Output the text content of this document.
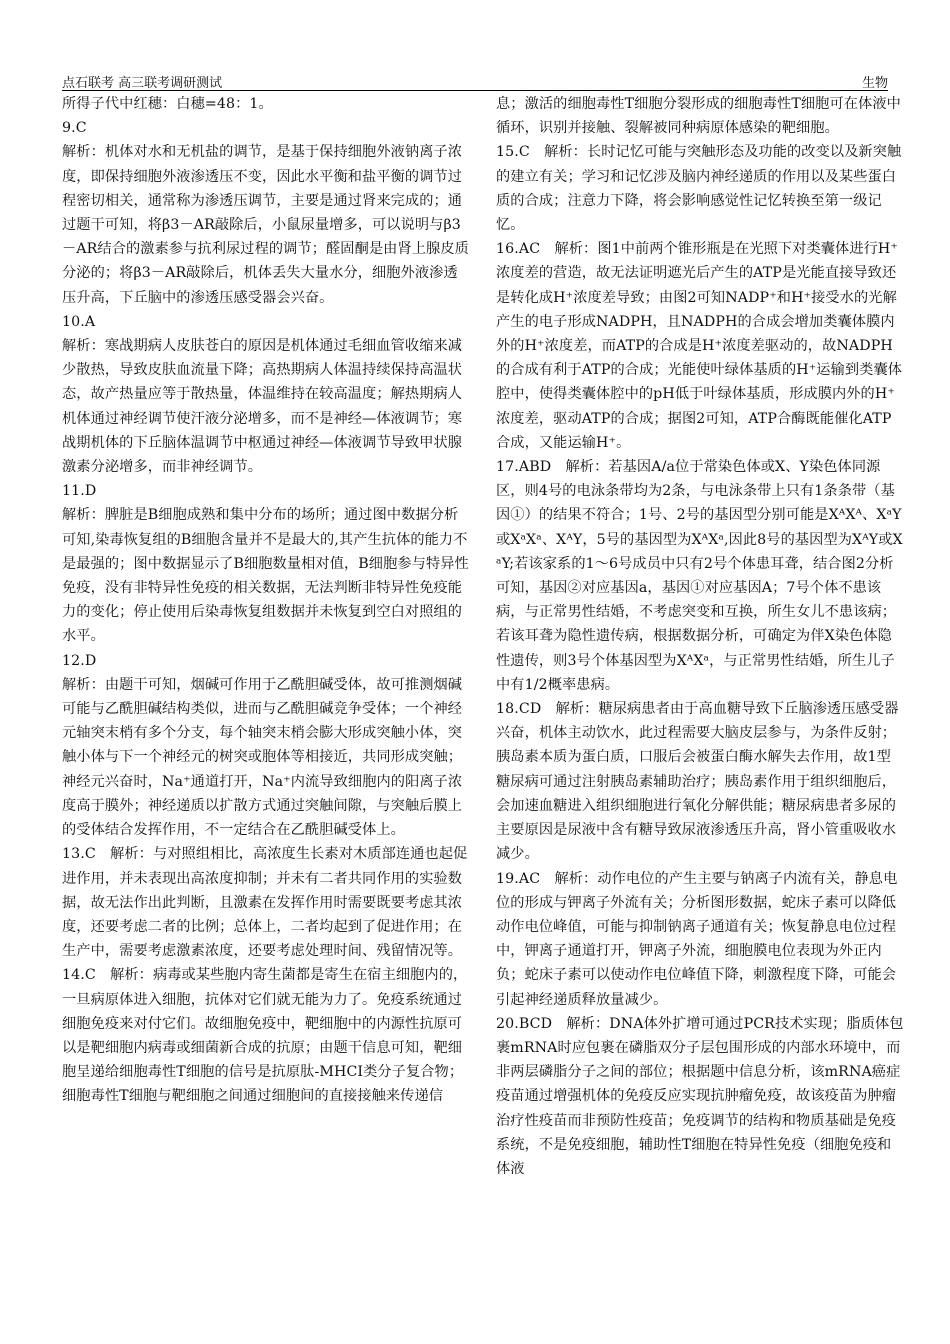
点石联考 高三联考调研测试	生物

所得子代中红穗：白穗=48：1。

9.C

解析：机体对水和无机盐的调节，是基于保持细胞外液钠离子浓度，即保持细胞外液渗透压不变，因此水平衡和盐平衡的调节过程密切相关，通常称为渗透压调节，主要是通过肾来完成的；通过题干可知，将β3－AR敲除后，小鼠尿量增多，可以说明与β3－AR结合的激素参与抗利尿过程的调节；醛固酮是由肾上腺皮质分泌的；将β3－AR敲除后，机体丢失大量水分，细胞外液渗透压升高，下丘脑中的渗透压感受器会兴奋。

10.A

解析：寒战期病人皮肤苍白的原因是机体通过毛细血管收缩来减少散热，导致皮肤血流量下降；高热期病人体温持续保持高温状态，故产热量应等于散热量，体温维持在较高温度；解热期病人机体通过神经调节使汗液分泌增多，而不是神经—体液调节；寒战期机体的下丘脑体温调节中枢通过神经—体液调节导致甲状腺激素分泌增多，而非神经调节。

11.D

解析：脾脏是B细胞成熟和集中分布的场所；通过图中数据分析可知,染毒恢复组的B细胞含量并不是最大的,其产生抗体的能力不是最强的；图中数据显示了B细胞数量相对值，B细胞参与特异性免疫，没有非特异性免疫的相关数据，无法判断非特异性免疫能力的变化；停止使用后染毒恢复组数据并未恢复到空白对照组的水平。

12.D

解析：由题干可知，烟碱可作用于乙酰胆碱受体，故可推测烟碱可能与乙酰胆碱结构类似，进而与乙酰胆碱竞争受体；一个神经元轴突末梢有多个分支，每个轴突末梢会膨大形成突触小体，突触小体与下一个神经元的树突或胞体等相接近，共同形成突触；神经元兴奋时，Na⁺通道打开，Na⁺内流导致细胞内的阳离子浓度高于膜外；神经递质以扩散方式通过突触间隙，与突触后膜上的受体结合发挥作用，不一定结合在乙酰胆碱受体上。

13.C　解析：与对照组相比，高浓度生长素对木质部连通也起促进作用，并未表现出高浓度抑制；并未有二者共同作用的实验数据，故无法作出此判断，且激素在发挥作用时需要既要考虑其浓度，还要考虑二者的比例；总体上，二者均起到了促进作用；在生产中，需要考虑激素浓度，还要考虑处理时间、残留情况等。

14.C　解析：病毒或某些胞内寄生菌都是寄生在宿主细胞内的，一旦病原体进入细胞，抗体对它们就无能为力了。免疫系统通过细胞免疫来对付它们。故细胞免疫中，靶细胞中的内源性抗原可以是靶细胞内病毒或细菌新合成的抗原；由题干信息可知，靶细胞呈递给细胞毒性T细胞的信号是抗原肽-MHCⅠ类分子复合物；细胞毒性T细胞与靶细胞之间通过细胞间的直接接触来传递信

息；激活的细胞毒性T细胞分裂形成的细胞毒性T细胞可在体液中循环，识别并接触、裂解被同种病原体感染的靶细胞。

15.C　解析：长时记忆可能与突触形态及功能的改变以及新突触的建立有关；学习和记忆涉及脑内神经递质的作用以及某些蛋白质的合成；注意力下降，将会影响感觉性记忆转换至第一级记忆。

16.AC　解析：图1中前两个锥形瓶是在光照下对类囊体进行H⁺浓度差的营造，故无法证明遮光后产生的ATP是光能直接导致还是转化成H⁺浓度差导致；由图2可知NADP⁺和H⁺接受水的光解产生的电子形成NADPH，且NADPH的合成会增加类囊体膜内外的H⁺浓度差，而ATP的合成是H⁺浓度差驱动的，故NADPH的合成有利于ATP的合成；光能使叶绿体基质的H⁺运输到类囊体腔中，使得类囊体腔中的pH低于叶绿体基质，形成膜内外的H⁺浓度差，驱动ATP的合成；据图2可知，ATP合酶既能催化ATP合成，又能运输H⁺。

17.ABD　解析：若基因A/a位于常染色体或X、Y染色体同源区，则4号的电泳条带均为2条，与电泳条带上只有1条条带（基因①）的结果不符合；1号、2号的基因型分别可能是XᴬXᴬ、XᵃY或XᵃXᵃ、XᴬY，5号的基因型为XᴬXᵃ,因此8号的基因型为XᴬY或XᵃY;若该家系的1～6号成员中只有2号个体患耳聋，结合图2分析可知，基因②对应基因a，基因①对应基因A；7号个体不患该病，与正常男性结婚，不考虑突变和互换，所生女儿不患该病；若该耳聋为隐性遗传病，根据数据分析，可确定为伴X染色体隐性遗传，则3号个体基因型为XᴬXᵃ，与正常男性结婚，所生儿子中有1/2概率患病。

18.CD　解析：糖尿病患者由于高血糖导致下丘脑渗透压感受器兴奋，机体主动饮水，此过程需要大脑皮层参与，为条件反射；胰岛素本质为蛋白质，口服后会被蛋白酶水解失去作用，故1型糖尿病可通过注射胰岛素辅助治疗；胰岛素作用于组织细胞后，会加速血糖进入组织细胞进行氧化分解供能；糖尿病患者多尿的主要原因是尿液中含有糖导致尿液渗透压升高，肾小管重吸收水减少。

19.AC　解析：动作电位的产生主要与钠离子内流有关，静息电位的形成与钾离子外流有关；分析图形数据，蛇床子素可以降低动作电位峰值，可能与抑制钠离子通道有关；恢复静息电位过程中，钾离子通道打开，钾离子外流，细胞膜电位表现为外正内负；蛇床子素可以使动作电位峰值下降，刺激程度下降，可能会引起神经递质释放量减少。

20.BCD　解析：DNA体外扩增可通过PCR技术实现；脂质体包裹mRNA时应包裹在磷脂双分子层包围形成的内部水环境中，而非两层磷脂分子之间的部位；根据题中信息分析，该mRNA癌症疫苗通过增强机体的免疫反应实现抗肿瘤免疫，故该疫苗为肿瘤治疗性疫苗而非预防性疫苗；免疫调节的结构和物质基础是免疫系统，不是免疫细胞，辅助性T细胞在特异性免疫（细胞免疫和体液
